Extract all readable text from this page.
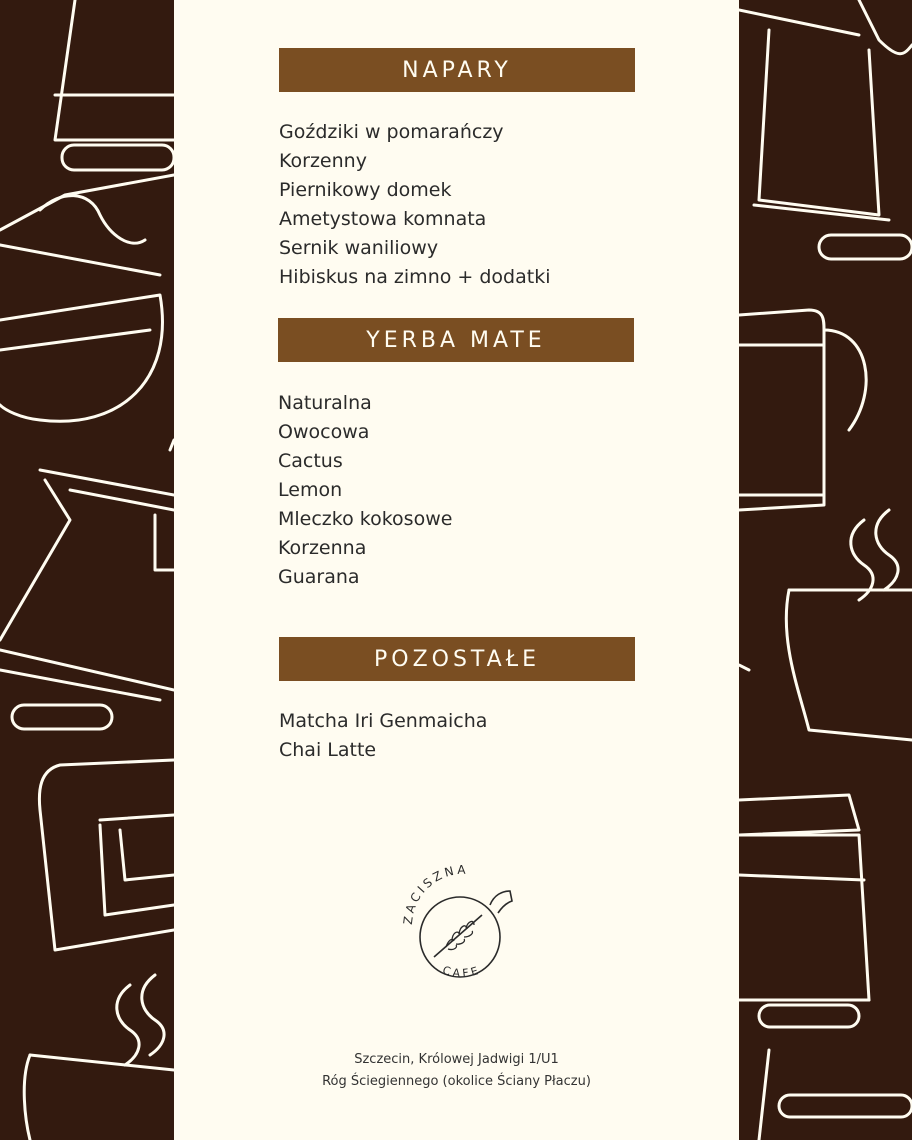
NAPARY
Goździki w pomarańczy
Korzenny
Piernikowy domek
Ametystowa komnata
Sernik waniliowy
Hibiskus na zimno + dodatki
YERBA MATE
Naturalna
Owocowa
Cactus
Lemon
Mleczko kokosowe
Korzenna
Guarana
POZOSTAŁE
Matcha Iri Genmaicha
Chai Latte
ZACISZNA
CAFE
Szczecin, Królowej Jadwigi 1/U1
Róg Ściegiennego (okolice Ściany Płaczu)
